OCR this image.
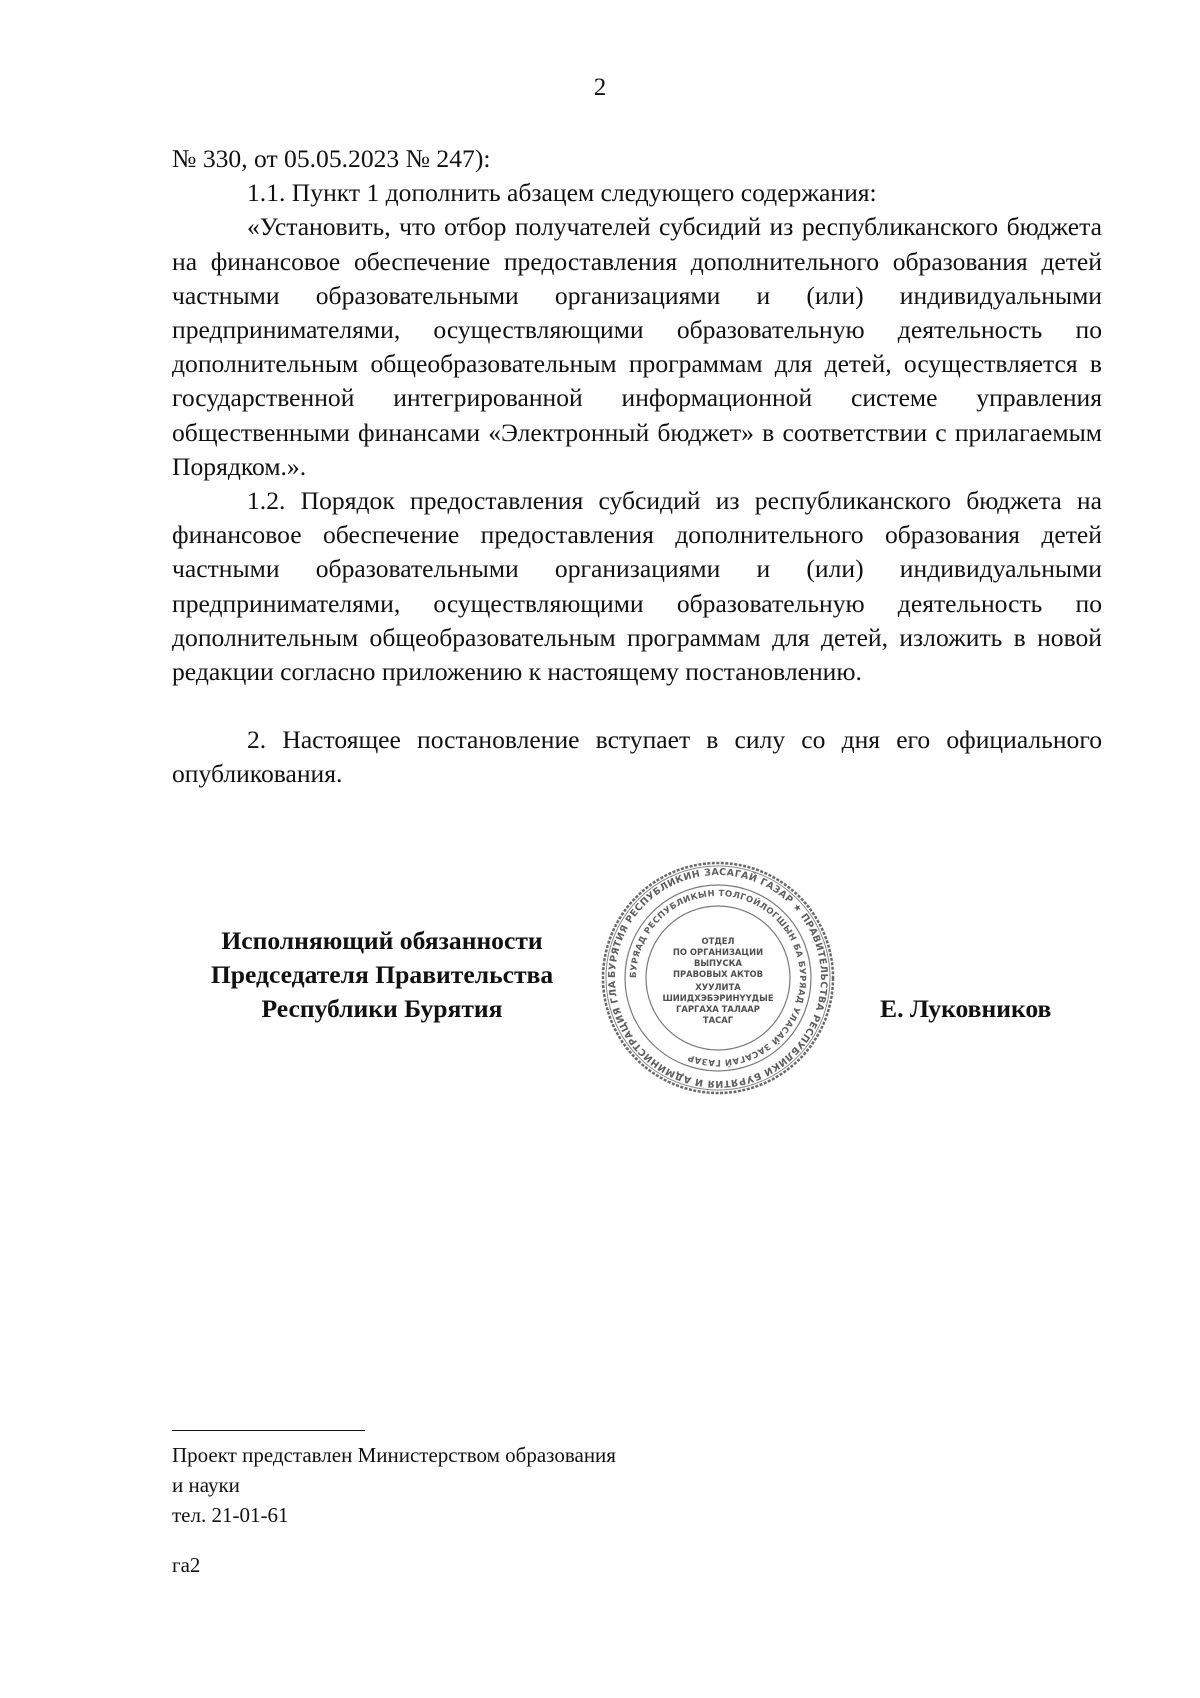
2

№ 330, от 05.05.2023 № 247):

1.1. Пункт 1 дополнить абзацем следующего содержания:

«Установить, что отбор получателей субсидий из республиканского бюджета на финансовое обеспечение предоставления дополнительного образования детей частными образовательными организациями и (или) индивидуальными предпринимателями, осуществляющими образовательную деятельность по дополнительным общеобразовательным программам для детей, осуществляется в государственной интегрированной информационной системе управления общественными финансами «Электронный бюджет» в соответствии с прилагаемым Порядком.».

1.2. Порядок предоставления субсидий из республиканского бюджета на финансовое обеспечение предоставления дополнительного образования детей частными образовательными организациями и (или) индивидуальными предпринимателями, осуществляющими образовательную деятельность по дополнительным общеобразовательным программам для детей, изложить в новой редакции согласно приложению к настоящему постановлению.

2. Настоящее постановление вступает в силу со дня его официального опубликования.

Исполняющий обязанности
Председателя Правительства
Республики Бурятия
БУРЯТИЯ РЕСПУБЛИКИН ЗАСАГАЙ ГАЗАР ★ ПРАВИТЕЛЬСТВА РЕСПУБЛИКИ БУРЯТИЯ И АДМИНИСТРАЦИЯ ГЛА
БУРЯАД РЕСПУБЛИКЫН ТОЛГОЙЛОГШЫН БА БУРЯАД УЛАСАЙ ЗАСАГАЙ ГАЗАР
ОТДЕЛ
ПО ОРГАНИЗАЦИИ
ВЫПУСКА
ПРАВОВЫХ АКТОВ
ХУУЛИТА
ШИИДХЭБЭРИНҮҮДЫЕ
ГАРГАХА ТАЛААР
ТАСАГ	Е. Луковников
Проект представлен Министерством образования
и науки
тел. 21-01-61
га2
